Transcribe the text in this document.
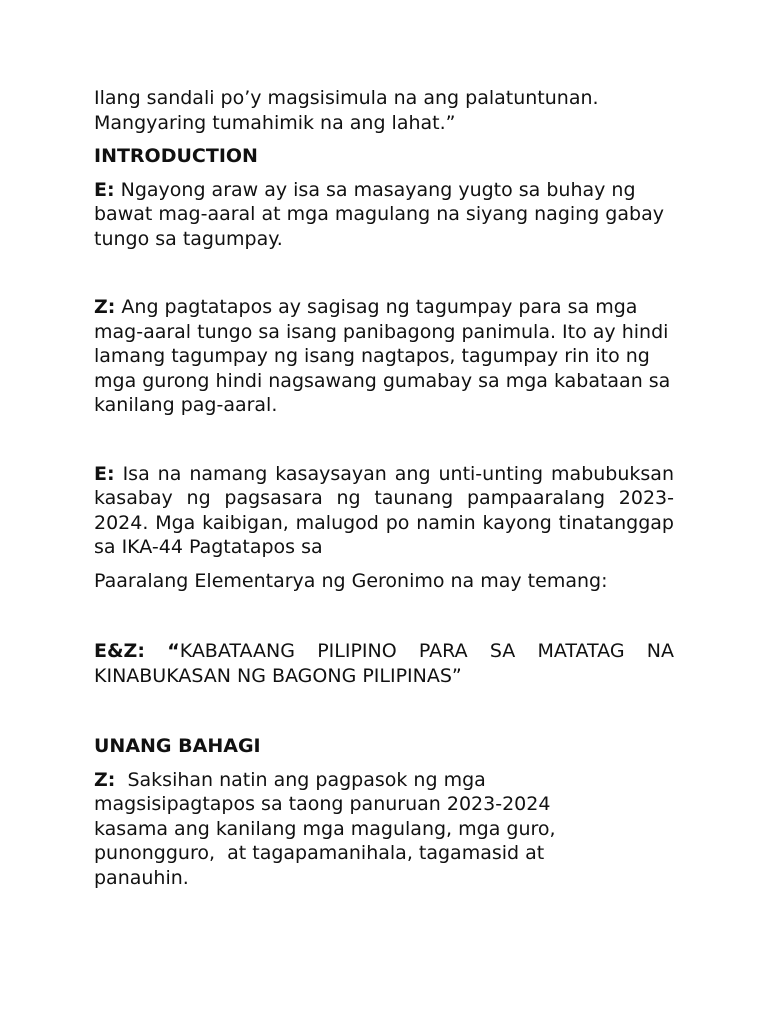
Ilang sandali po’y magsisimula na ang palatuntunan.

Mangyaring tumahimik na ang lahat.”

INTRODUCTION

E: Ngayong araw ay isa sa masayang yugto sa buhay ng bawat mag-aaral at mga magulang na siyang naging gabay tungo sa tagumpay.

Z: Ang pagtatapos ay sagisag ng tagumpay para sa mga mag-aaral tungo sa isang panibagong panimula. Ito ay hindi lamang tagumpay ng isang nagtapos, tagumpay rin ito ng mga gurong hindi nagsawang gumabay sa mga kabataan sa kanilang pag-aaral.

E: Isa na namang kasaysayan ang unti-unting mabubuksan kasabay ng pagsasara ng taunang pampaaralang 2023-2024. Mga kaibigan, malugod po namin kayong tinatanggap sa IKA-44 Pagtatapos sa

Paaralang Elementarya ng Geronimo na may temang:

E&Z: “KABATAANG PILIPINO PARA SA MATATAG NA KINABUKASAN NG BAGONG PILIPINAS”

UNANG BAHAGI

Z: Saksihan natin ang pagpasok ng mga

magsisipagtapos sa taong panuruan 2023-2024

kasama ang kanilang mga magulang, mga guro,

punongguro,  at tagapamanihala, tagamasid at

panauhin.
